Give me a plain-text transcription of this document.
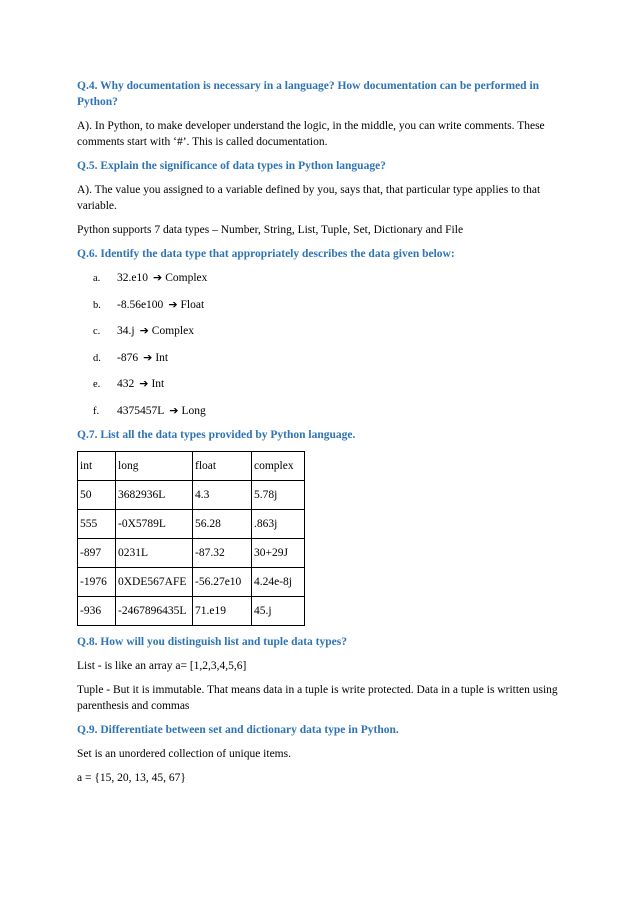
Q.4. Why documentation is necessary in a language? How documentation can be performed in Python?
A). In Python, to make developer understand the logic, in the middle, you can write comments. These comments start with ‘#’. This is called documentation.
Q.5. Explain the significance of data types in Python language?
A). The value you assigned to a variable defined by you, says that, that particular type applies to that variable.
Python supports 7 data types – Number, String, List, Tuple, Set, Dictionary and File
Q.6. Identify the data type that appropriately describes the data given below:
a.	32.e10 ➔ Complex
b.	-8.56e100 ➔ Float
c.	34.j ➔ Complex
d.	-876 ➔ Int
e.	432 ➔ Int
f.	4375457L ➔ Long
Q.7. List all the data types provided by Python language.
int	long	float	complex
50	3682936L	4.3	5.78j
555	-0X5789L	56.28	.863j
-897	0231L	-87.32	30+29J
-1976	0XDE567AFE	-56.27e10	4.24e-8j
-936	-2467896435L	71.e19	45.j
Q.8. How will you distinguish list and tuple data types?
List - is like an array a= [1,2,3,4,5,6]
Tuple - But it is immutable. That means data in a tuple is write protected. Data in a tuple is written using parenthesis and commas
Q.9. Differentiate between set and dictionary data type in Python.
Set is an unordered collection of unique items.
a = {15, 20, 13, 45, 67}
